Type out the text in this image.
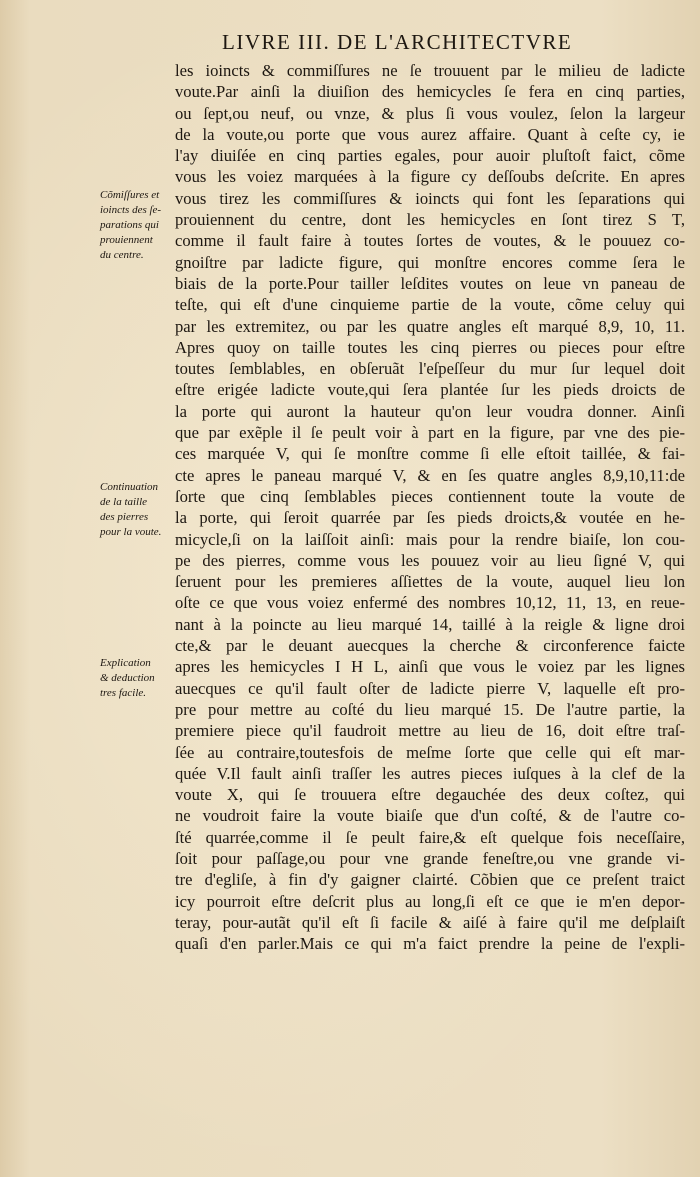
LIVRE III. DE L'ARCHITECTVRE
Cõmiſſures et
ioincts des ſe-
parations qui
prouiennent
du centre.
Continuation
de la taille
des pierres
pour la voute.
Explication
& deduction
tres facile.
les ioincts & commiſſures ne ſe trouuent par le milieu de ladicte
voute.Par ainſi la diuiſion des hemicycles ſe fera en cinq parties,
ou ſept,ou neuf, ou vnze, & plus ſi vous voulez, ſelon la largeur
de la voute,ou porte que vous aurez affaire. Quant à ceſte cy, ie
l'ay diuiſée en cinq parties egales, pour auoir pluſtoſt faict, cõme
vous les voiez marquées à la figure cy deſſoubs deſcrite. En apres
vous tirez les commiſſures & ioincts qui font les ſeparations qui
prouiennent du centre, dont les hemicycles en ſont tirez S T,
comme il fault faire à toutes ſortes de voutes, & le pouuez co-
gnoiſtre par ladicte figure, qui monſtre encores comme ſera le
biais de la porte.Pour tailler leſdites voutes on leue vn paneau de
teſte, qui eſt d'une cinquieme partie de la voute, cõme celuy qui
par les extremitez, ou par les quatre angles eſt marqué 8,9, 10, 11.
Apres quoy on taille toutes les cinq pierres ou pieces pour eſtre
toutes ſemblables, en obſeruãt l'eſpeſſeur du mur ſur lequel doit
eſtre erigée ladicte voute,qui ſera plantée ſur les pieds droicts de
la porte qui auront la hauteur qu'on leur voudra donner. Ainſi
que par exẽple il ſe peult voir à part en la figure, par vne des pie-
ces marquée V, qui ſe monſtre comme ſi elle eſtoit taillée, & fai-
cte apres le paneau marqué V, & en ſes quatre angles 8,9,10,11:de
ſorte que cinq ſemblables pieces contiennent toute la voute de
la porte, qui ſeroit quarrée par ſes pieds droicts,& voutée en he-
micycle,ſi on la laiſſoit ainſi: mais pour la rendre biaiſe, lon cou-
pe des pierres, comme vous les pouuez voir au lieu ſigné V, qui
ſeruent pour les premieres aſſiettes de la voute, auquel lieu lon
oſte ce que vous voiez enfermé des nombres 10,12, 11, 13, en reue-
nant à la poincte au lieu marqué 14, taillé à la reigle & ligne droi
cte,& par le deuant auecques la cherche & circonference faicte
apres les hemicycles I H L, ainſi que vous le voiez par les lignes
auecques ce qu'il fault oſter de ladicte pierre V, laquelle eſt pro-
pre pour mettre au coſté du lieu marqué 15. De l'autre partie, la
premiere piece qu'il faudroit mettre au lieu de 16, doit eſtre traſ-
ſée au contraire,toutesfois de meſme ſorte que celle qui eſt mar-
quée V.Il fault ainſi traſſer les autres pieces iuſques à la clef de la
voute X, qui ſe trouuera eſtre degauchée des deux coſtez, qui
ne voudroit faire la voute biaiſe que d'un coſté, & de l'autre co-
ſté quarrée,comme il ſe peult faire,& eſt quelque fois neceſſaire,
ſoit pour paſſage,ou pour vne grande feneſtre,ou vne grande vi-
tre d'egliſe, à fin d'y gaigner clairté. Cõbien que ce preſent traict
icy pourroit eſtre deſcrit plus au long,ſi eſt ce que ie m'en depor-
teray, pour-autãt qu'il eſt ſi facile & aiſé à faire qu'il me deſplaiſt
quaſi d'en parler.Mais ce qui m'a faict prendre la peine de l'expli-
